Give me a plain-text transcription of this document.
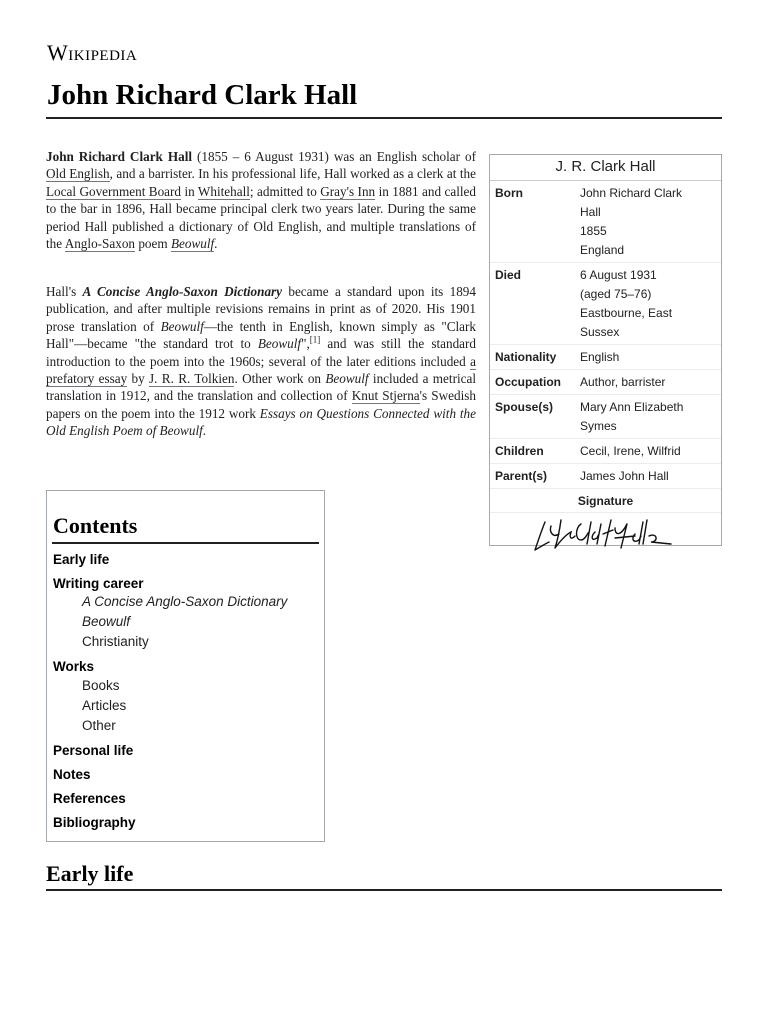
Wikipedia
John Richard Clark Hall

John Richard Clark Hall (1855 – 6 August 1931) was an English scholar of Old English, and a barrister. In his professional life, Hall worked as a clerk at the Local Government Board in Whitehall; admitted to Gray's Inn in 1881 and called to the bar in 1896, Hall became principal clerk two years later. During the same period Hall published a dictionary of Old English, and multiple translations of the Anglo-Saxon poem Beowulf.

Hall's A Concise Anglo-Saxon Dictionary became a standard upon its 1894 publication, and after multiple revisions remains in print as of 2020. His 1901 prose translation of Beowulf—the tenth in English, known simply as "Clark Hall"—became "the standard trot to Beowulf",[1] and was still the standard introduction to the poem into the 1960s; several of the later editions included a prefatory essay by J. R. R. Tolkien. Other work on Beowulf included a metrical translation in 1912, and the translation and collection of Knut Stjerna's Swedish papers on the poem into the 1912 work Essays on Questions Connected with the Old English Poem of Beowulf.

J. R. Clark Hall
Born	John Richard Clark
Hall
1855
England
Died	6 August 1931
(aged 75–76)
Eastbourne, East
Sussex
Nationality	English
Occupation	Author, barrister
Spouse(s)	Mary Ann Elizabeth
Symes
Children	Cecil, Irene, Wilfrid
Parent(s)	James John Hall
Signature
Contents
Early life
Writing career
A Concise Anglo-Saxon Dictionary
Beowulf
Christianity
Works
Books
Articles
Other
Personal life
Notes
References
Bibliography
Early life
